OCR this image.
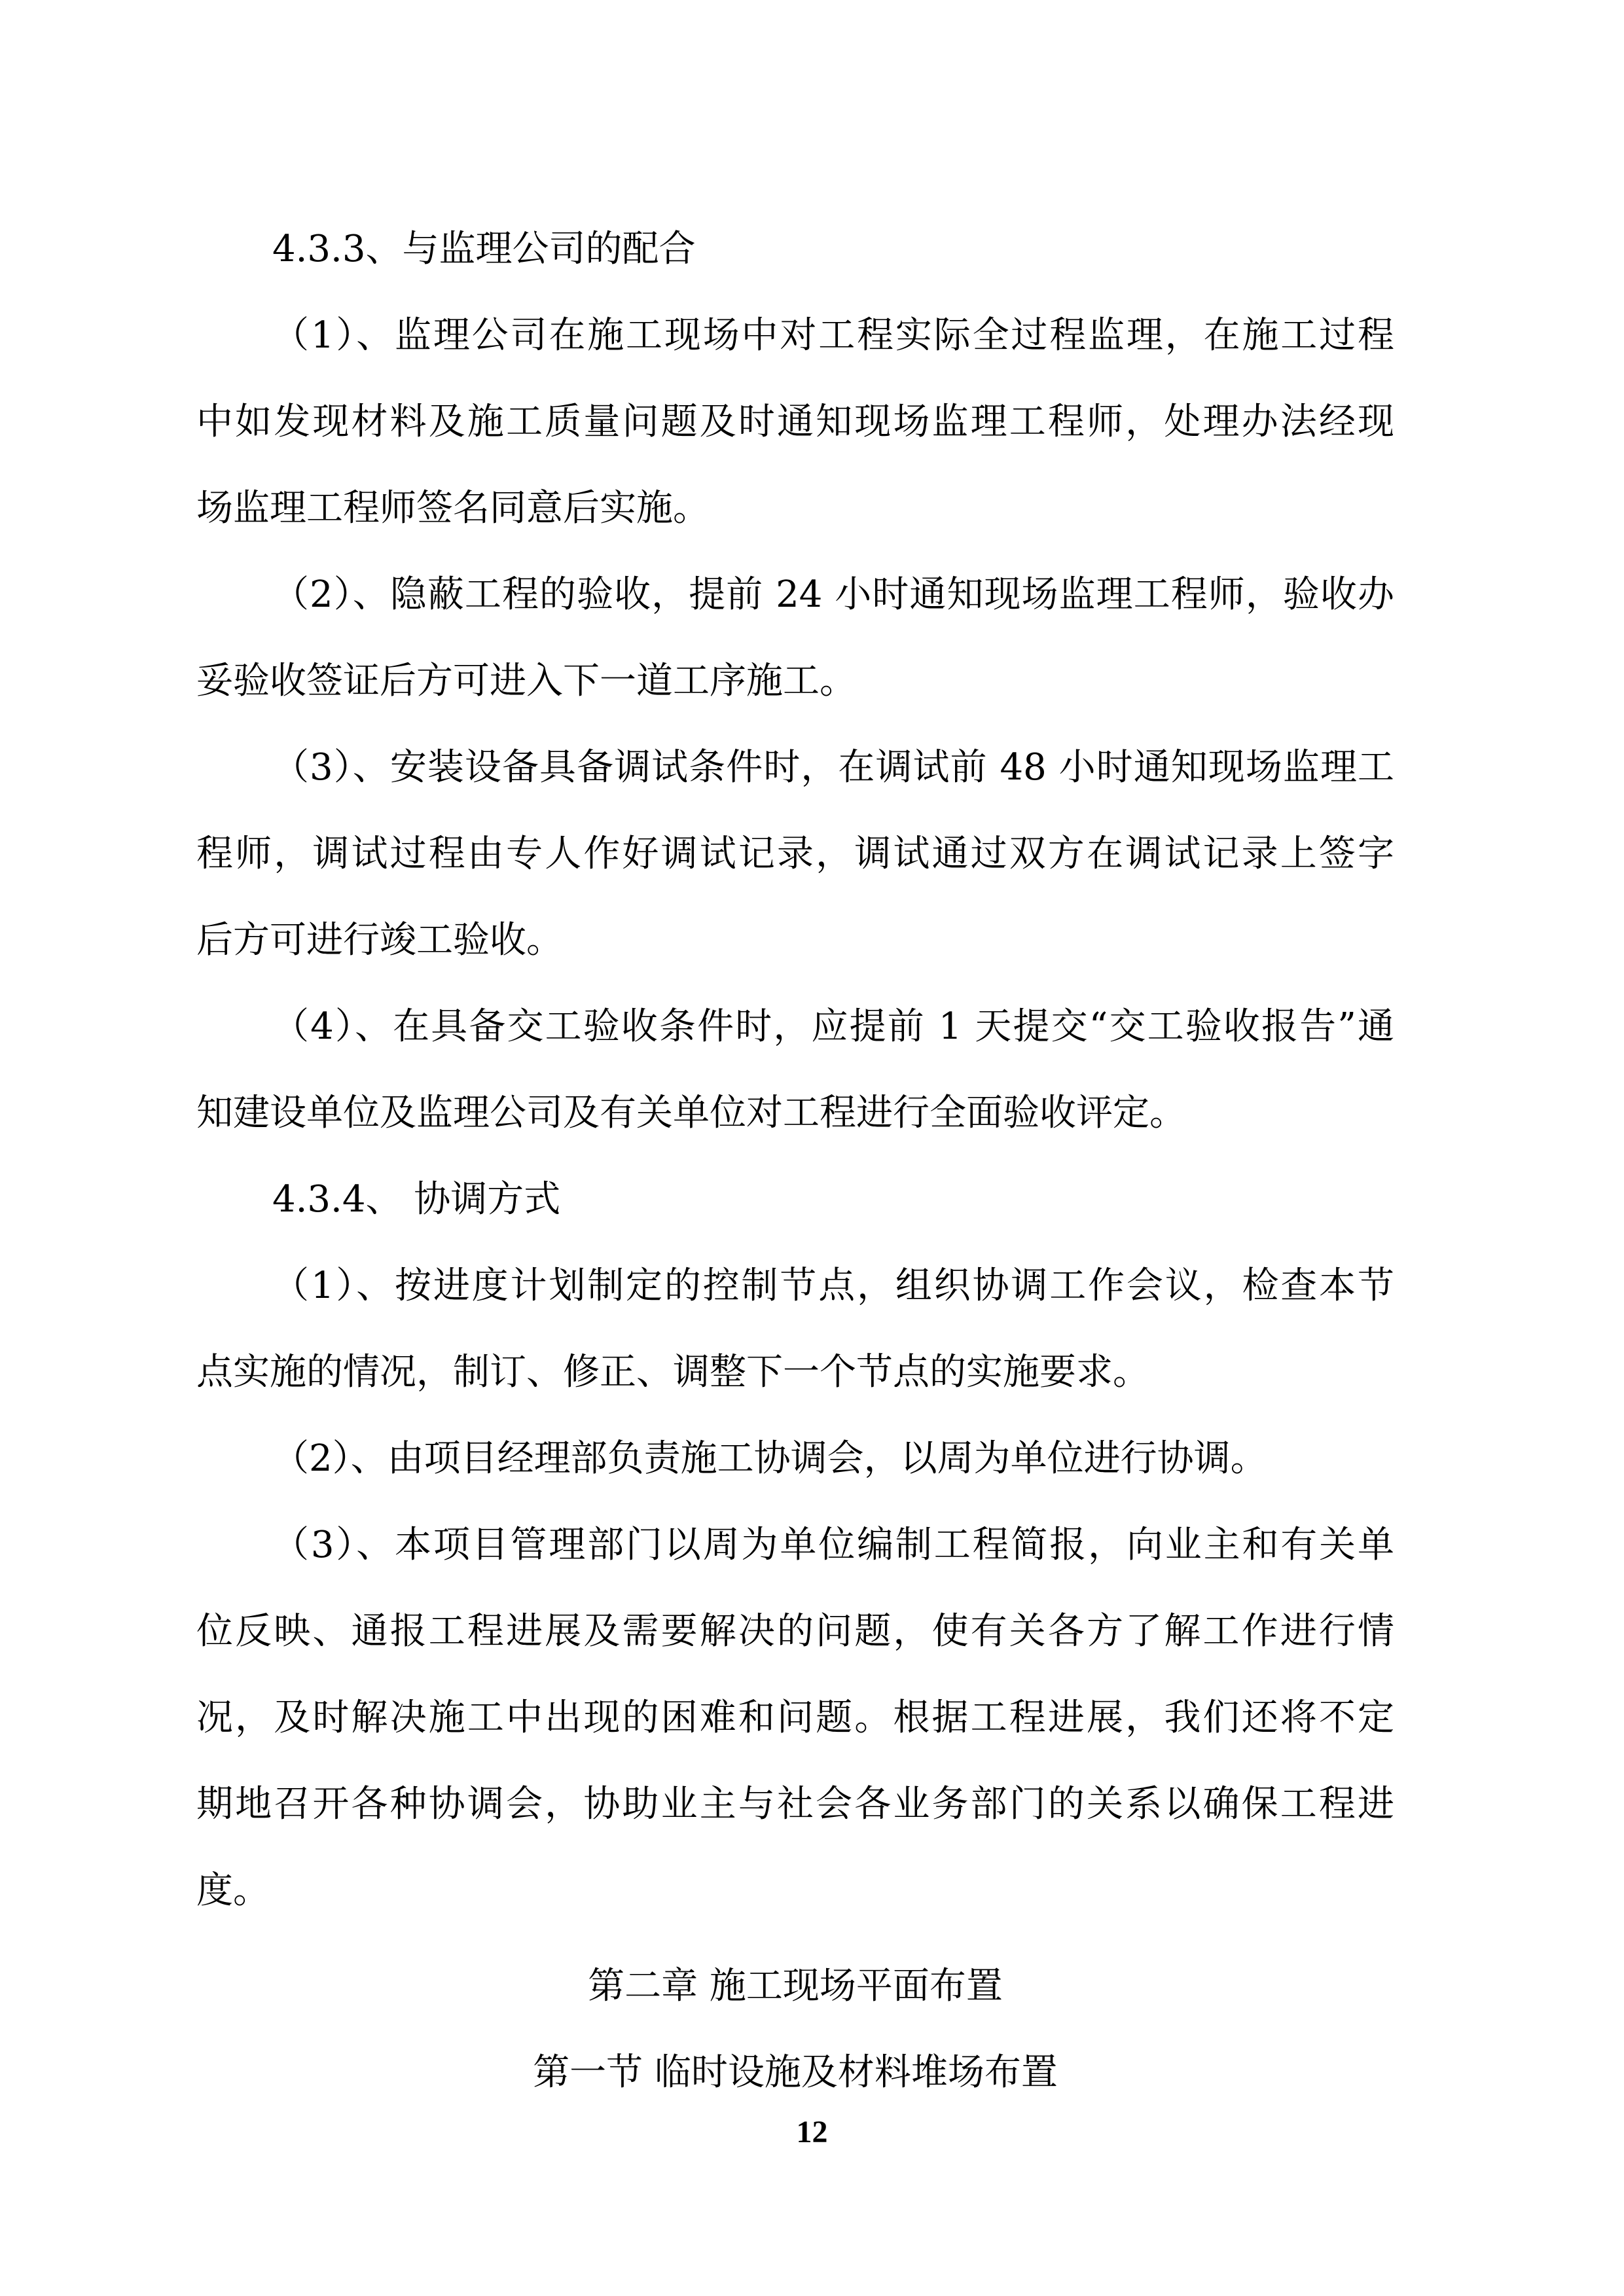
4.3.3、与监理公司的配合
（1）、监理公司在施工现场中对工程实际全过程监理，在施工过程
中如发现材料及施工质量问题及时通知现场监理工程师，处理办法经现
场监理工程师签名同意后实施。
（2）、隐蔽工程的验收，提前 24 小时通知现场监理工程师，验收办
妥验收签证后方可进入下一道工序施工。
（3）、安装设备具备调试条件时，在调试前 48 小时通知现场监理工
程师，调试过程由专人作好调试记录，调试通过双方在调试记录上签字
后方可进行竣工验收。
（4）、在具备交工验收条件时，应提前 1 天提交“交工验收报告”通
知建设单位及监理公司及有关单位对工程进行全面验收评定。
4.3.4、 协调方式
（1）、按进度计划制定的控制节点，组织协调工作会议，检查本节
点实施的情况，制订、修正、调整下一个节点的实施要求。
（2）、由项目经理部负责施工协调会，以周为单位进行协调。
（3）、本项目管理部门以周为单位编制工程简报，向业主和有关单
位反映、通报工程进展及需要解决的问题，使有关各方了解工作进行情
况，及时解决施工中出现的困难和问题。根据工程进展，我们还将不定
期地召开各种协调会，协助业主与社会各业务部门的关系以确保工程进
度。
第二章 施工现场平面布置
第一节 临时设施及材料堆场布置
12
